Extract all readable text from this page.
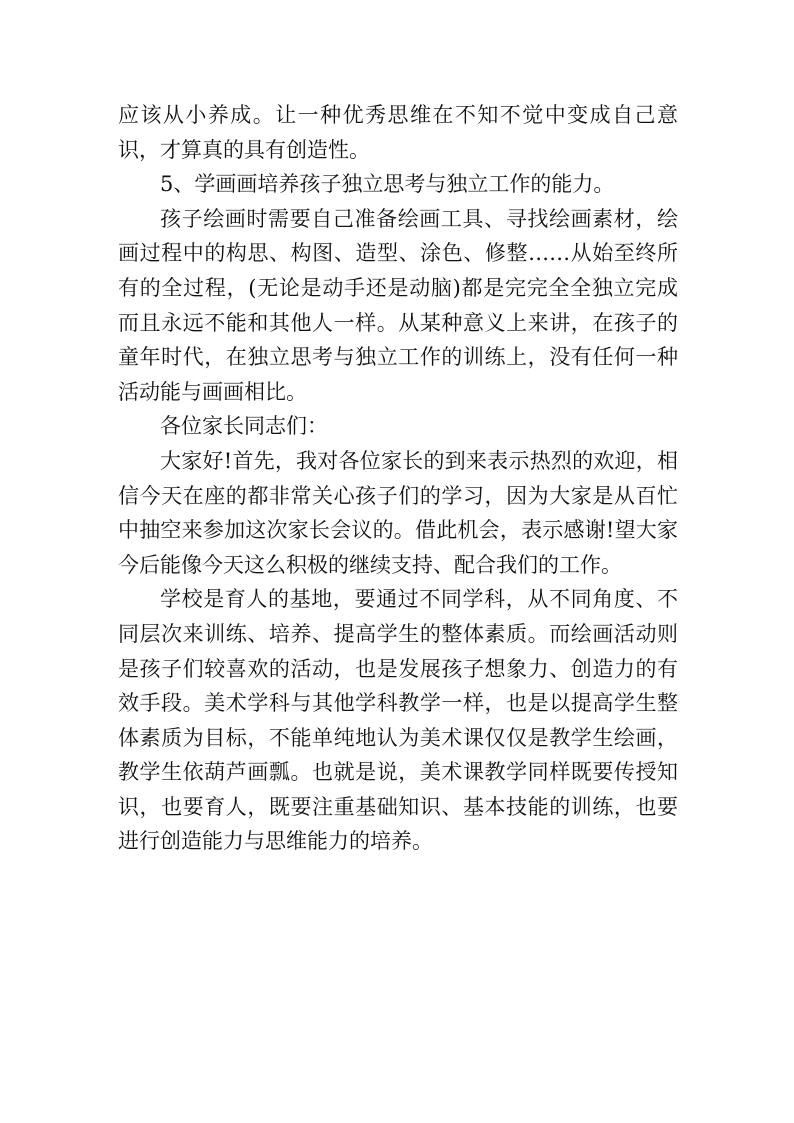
应该从小养成。让一种优秀思维在不知不觉中变成自己意识，才算真的具有创造性。

5、学画画培养孩子独立思考与独立工作的能力。

孩子绘画时需要自己准备绘画工具、寻找绘画素材，绘画过程中的构思、构图、造型、涂色、修整……从始至终所有的全过程，(无论是动手还是动脑)都是完完全全独立完成而且永远不能和其他人一样。从某种意义上来讲，在孩子的童年时代，在独立思考与独立工作的训练上，没有任何一种活动能与画画相比。

各位家长同志们：

大家好!首先，我对各位家长的到来表示热烈的欢迎，相信今天在座的都非常关心孩子们的学习，因为大家是从百忙中抽空来参加这次家长会议的。借此机会，表示感谢!望大家今后能像今天这么积极的继续支持、配合我们的工作。

学校是育人的基地，要通过不同学科，从不同角度、不同层次来训练、培养、提高学生的整体素质。而绘画活动则是孩子们较喜欢的活动，也是发展孩子想象力、创造力的有效手段。美术学科与其他学科教学一样，也是以提高学生整体素质为目标，不能单纯地认为美术课仅仅是教学生绘画，教学生依葫芦画瓢。也就是说，美术课教学同样既要传授知识，也要育人，既要注重基础知识、基本技能的训练，也要进行创造能力与思维能力的培养。
